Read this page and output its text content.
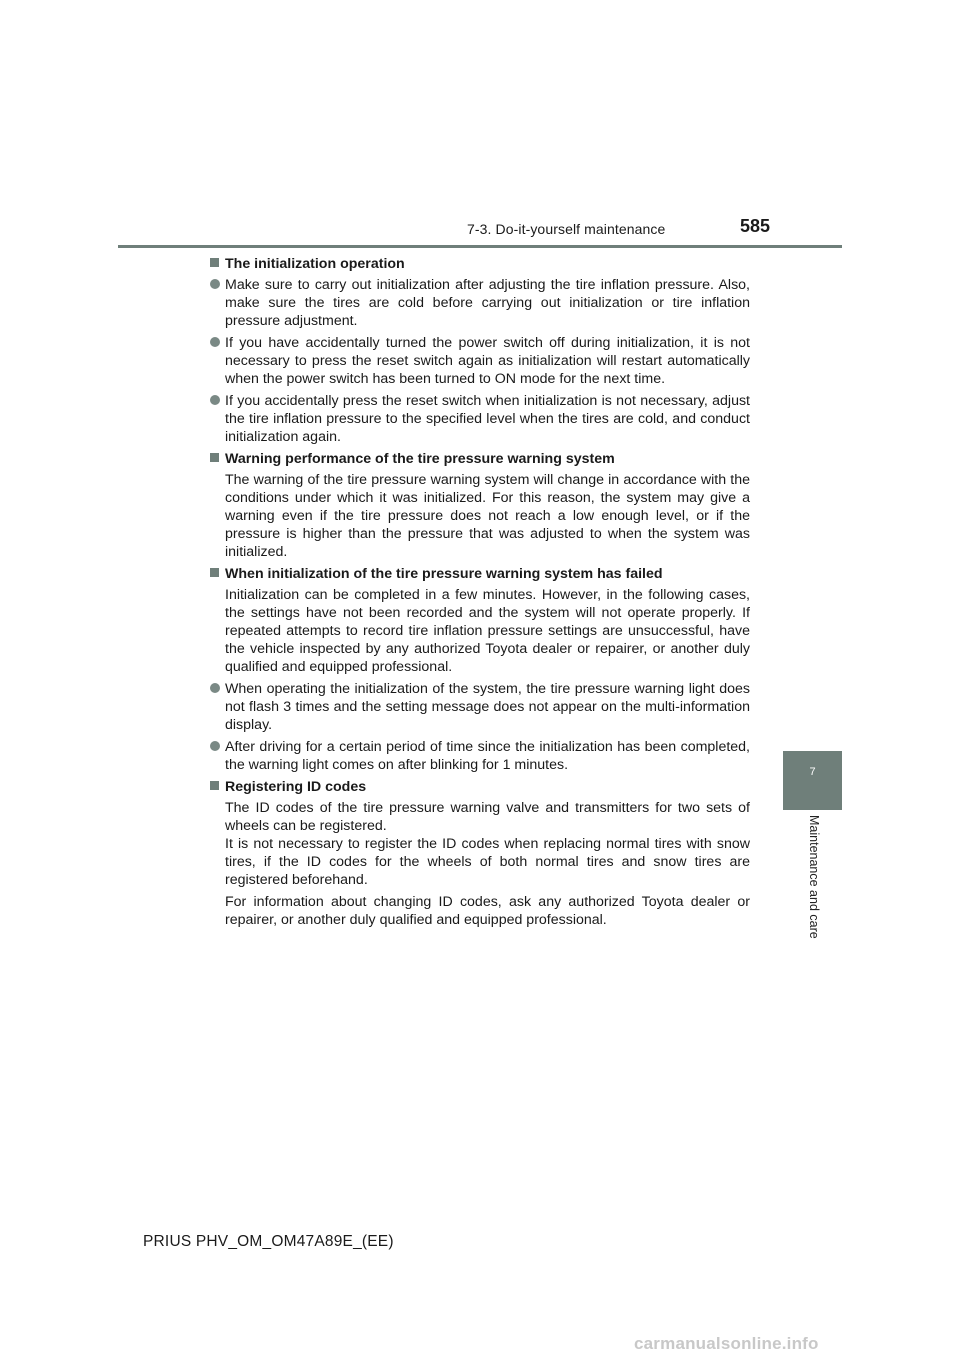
7-3. Do-it-yourself maintenance	585
7
Maintenance and care
The initialization operation
Make sure to carry out initialization after adjusting the tire inflation pressure. Also, make sure the tires are cold before carrying out initialization or tire inflation pressure adjustment.
If you have accidentally turned the power switch off during initialization, it is not necessary to press the reset switch again as initialization will restart automatically when the power switch has been turned to ON mode for the next time.
If you accidentally press the reset switch when initialization is not necessary, adjust the tire inflation pressure to the specified level when the tires are cold, and conduct initialization again.
Warning performance of the tire pressure warning system

The warning of the tire pressure warning system will change in accordance with the conditions under which it was initialized. For this reason, the system may give a warning even if the tire pressure does not reach a low enough level, or if the pressure is higher than the pressure that was adjusted to when the system was initialized.

When initialization of the tire pressure warning system has failed

Initialization can be completed in a few minutes. However, in the following cases, the settings have not been recorded and the system will not operate properly. If repeated attempts to record tire inflation pressure settings are unsuccessful, have the vehicle inspected by any authorized Toyota dealer or repairer, or another duly qualified and equipped professional.

When operating the initialization of the system, the tire pressure warning light does not flash 3 times and the setting message does not appear on the multi-information display.
After driving for a certain period of time since the initialization has been completed, the warning light comes on after blinking for 1 minutes.
Registering ID codes

The ID codes of the tire pressure warning valve and transmitters for two sets of wheels can be registered.
It is not necessary to register the ID codes when replacing normal tires with snow tires, if the ID codes for the wheels of both normal tires and snow tires are registered beforehand.

For information about changing ID codes, ask any authorized Toyota dealer or repairer, or another duly qualified and equipped professional.

PRIUS PHV_OM_OM47A89E_(EE)
carmanualsonline.info
